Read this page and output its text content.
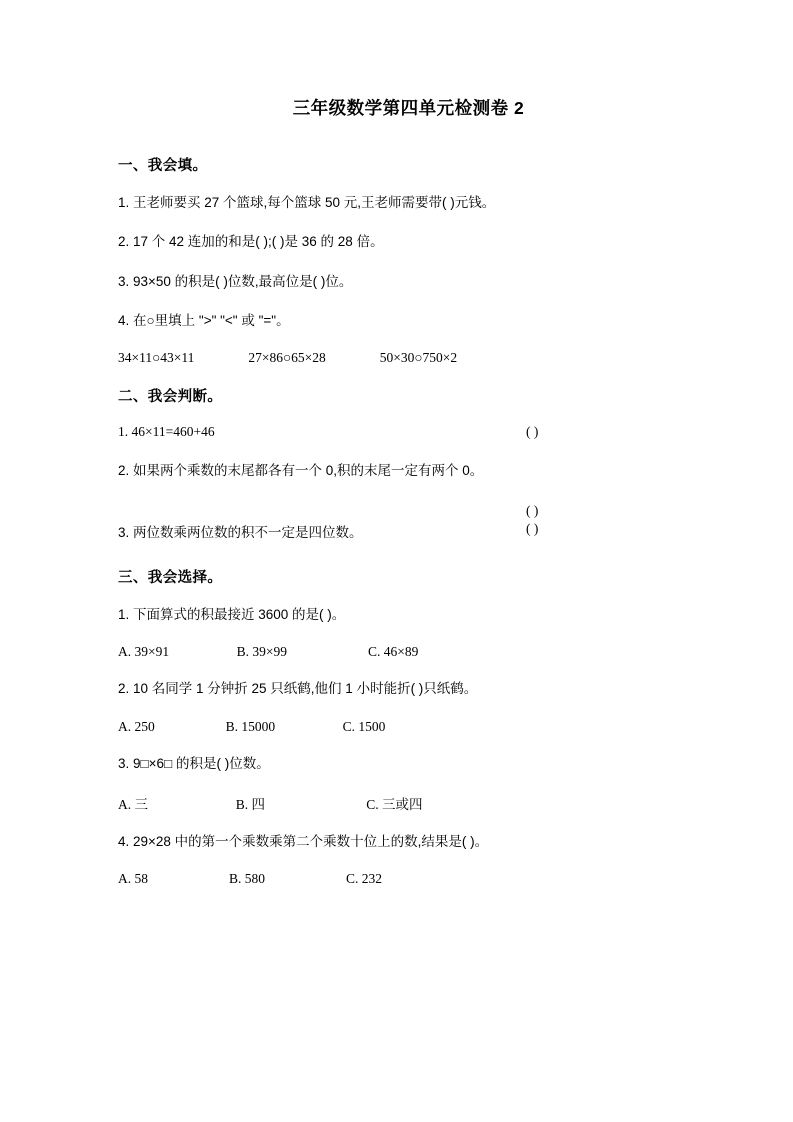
三年级数学第四单元检测卷 2
一、我会填。
1. 王老师要买 27 个篮球,每个篮球 50 元,王老师需要带( )元钱。
2. 17 个 42 连加的和是( );( )是 36 的 28 倍。
3. 93×50 的积是( )位数,最高位是( )位。
4. 在○里填上 ">" "<" 或 "="。
34×11○43×11                27×86○65×28                50×30○750×2
二、我会判断。
1. 46×11=460+46	( )
2. 如果两个乘数的末尾都各有一个 0,积的末尾一定有两个 0。
( )
3. 两位数乘两位数的积不一定是四位数。	( )
三、我会选择。
1. 下面算式的积最接近 3600 的是( )。
A. 39×91                    B. 39×99                        C. 46×89
2. 10 名同学 1 分钟折 25 只纸鹤,他们 1 小时能折( )只纸鹤。
A. 250                     B. 15000                    C. 1500
3. 9□×6□ 的积是( )位数。
A. 三                          B. 四                              C. 三或四
4. 29×28 中的第一个乘数乘第二个乘数十位上的数,结果是( )。
A. 58                        B. 580                        C. 232
